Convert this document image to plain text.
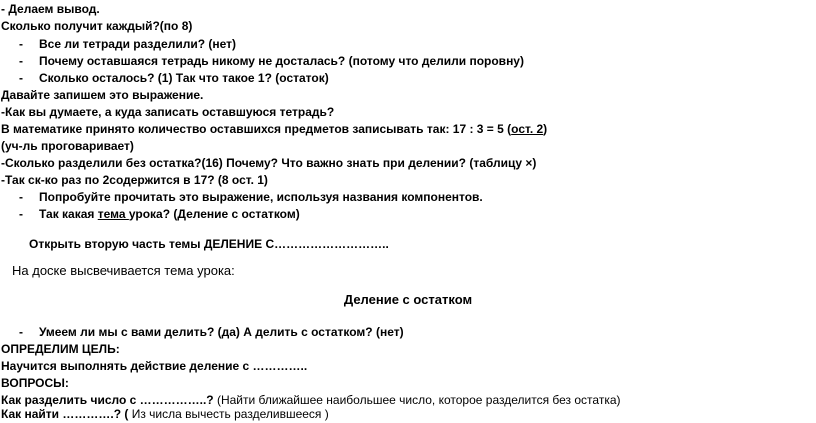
- Делаем вывод.
Сколько получит каждый?(по 8)
- Все ли тетради разделили? (нет)
- Почему оставшаяся тетрадь никому не досталась? (потому что делили поровну)
- Сколько осталось? (1) Так что такое 1? (остаток)
Давайте запишем это выражение.
-Как вы думаете, а куда записать оставшуюся тетрадь?
В математике принято количество оставшихся предметов записывать так: 17 : 3 = 5 (ост. 2)
(уч-ль проговаривает)
-Сколько разделили без остатка?(16) Почему? Что важно знать при делении? (таблицу ×)
-Так ск-ко раз по 2содержится в 17? (8 ост. 1)
- Попробуйте прочитать это выражение, используя названия компонентов.
- Так какая тема урока? (Деление с остатком)
Открыть вторую часть темы ДЕЛЕНИЕ С………………………..
На доске высвечивается тема урока:
Деление с остатком
- Умеем ли мы с вами делить? (да) А делить с остатком? (нет)
ОПРЕДЕЛИМ ЦЕЛЬ:
Научится выполнять действие деление с …………..
ВОПРОСЫ:
Как разделить число с ……………..? (Найти ближайшее наибольшее число, которое разделится без остатка)
Как найти ………….? ( Из числа вычесть разделившееся )
